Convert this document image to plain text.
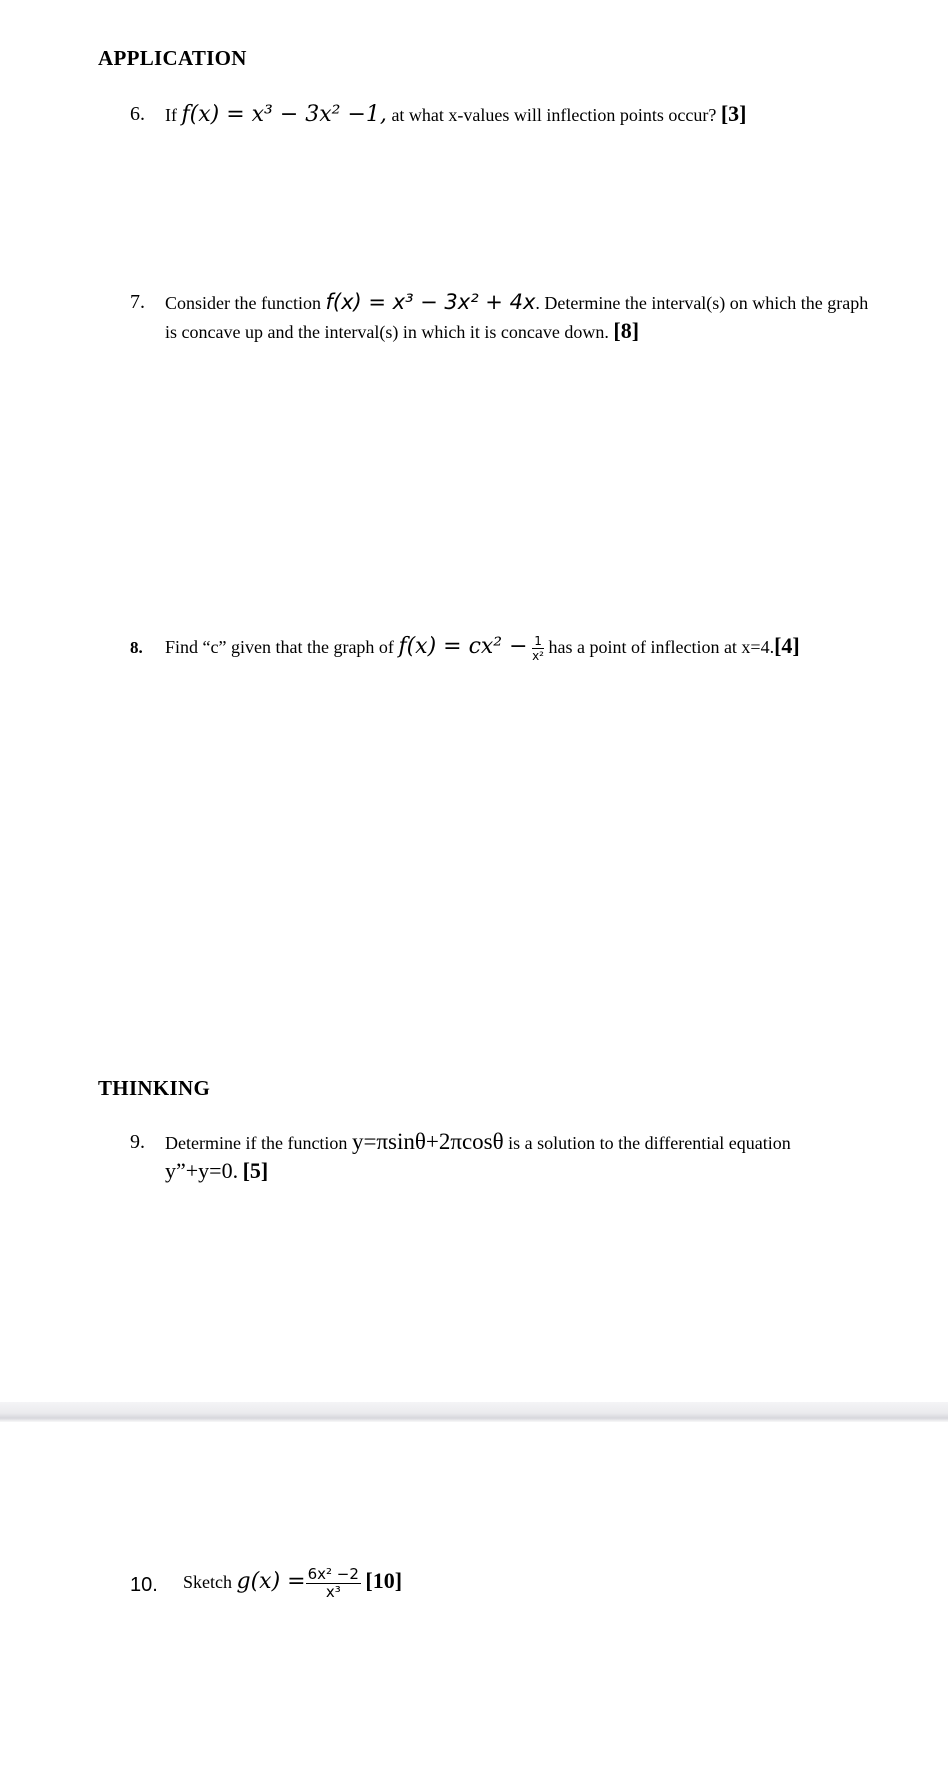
APPLICATION
6. If f(x) = x³ − 3x² −1, at what x-values will inflection points occur? [3]
7. Consider the function f(x) = x³ − 3x² + 4x. Determine the interval(s) on which the graph
is concave up and the interval(s) in which it is concave down. [8]
8. Find “c” given that the graph of $f(x) = cx^2 - \frac{1}{\text{x²}}$ has a point of inflection at x=4.[4]
THINKING
9. Determine if the function y=πsinθ+2πcosθ is a solution to the differential equation
y”+y=0. [5]
10. Sketch $g(x) = \frac{\text{6x² −2}}{\text{x³}} [10]$
